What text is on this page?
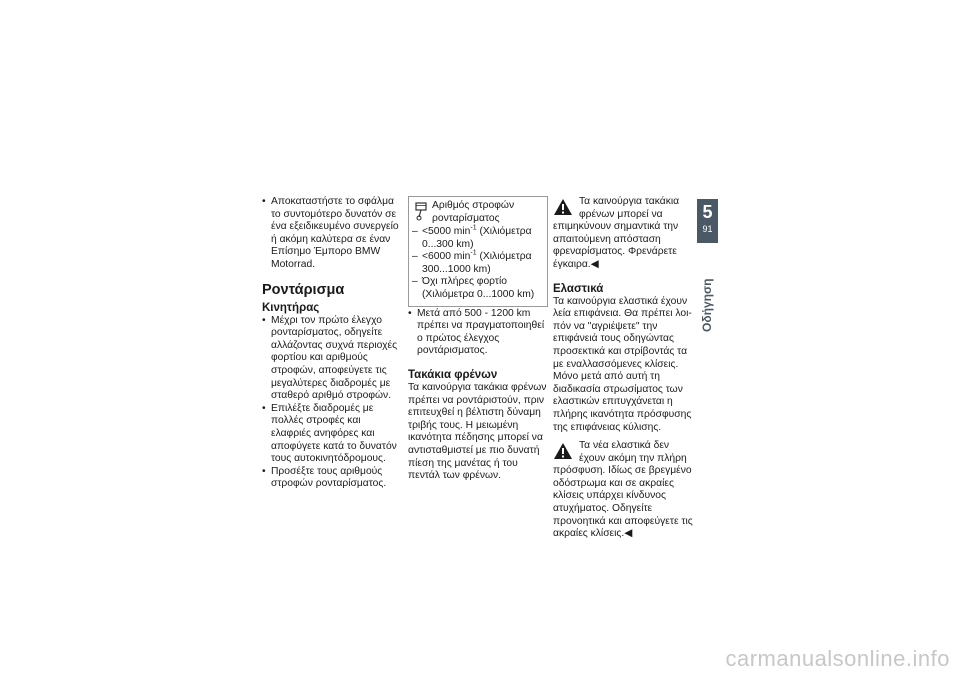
• Αποκαταστήστε το σφάλμα το συντομότερο δυνατόν σε ένα εξειδικευμένο συνεργείο ή ακόμη καλύτερα σε έναν Επίσημο Έμπορο BMW Motorrad.

Ροντάρισμα
Κινητήρας

• Μέχρι τον πρώτο έλεγχο ρονταρίσματος, οδηγείτε αλλάζοντας συχνά περιοχές φορτίου και αριθμούς στροφών, αποφεύγετε τις μεγαλύτερες διαδρομές με σταθερό αριθμό στροφών.

• Επιλέξτε διαδρομές με πολλές στροφές και ελαφριές ανηφόρες και αποφύγετε κατά το δυνατόν τους αυτοκινητόδρομους.

• Προσέξτε τους αριθμούς στροφών ρονταρίσματος.

Αριθμός στροφών ρονταρίσματος

– <5000 $\min^{-1} (X\iota\lambda\iota ό\mu\varepsilon\tau\rho\alpha$ 0...300 km)

– <6000 $\min^{-1} (X\iota\lambda\iota ό\mu\varepsilon\tau\rho\alpha$ 300...1000 km)

– Όχι πλήρες φορτίο (Χιλιόμετρα 0...1000 km)

• Μετά από 500 - 1200 km πρέπει να πραγματοποιηθεί ο πρώτος έλεγχος ροντάρισματος.

Τακάκια φρένων

Τα καινούργια τακάκια φρένων πρέπει να ροντάριστούν, πριν επιτευχθεί η βέλτιστη δύναμη τριβής τους. Η μειωμένη ικανότητα πέδησης μπορεί να αντισταθμιστεί με πιο δυνατή πίεση της μανέτας ή του πεντάλ των φρένων.

Τα καινούργια τακάκια φρένων μπορεί να επιμηκύνουν σημαντικά την απαιτούμενη απόσταση φρεναρίσματος. Φρενάρετε έγκαιρα.◀

Ελαστικά

Τα καινούργια ελαστικά έχουν λεία επιφάνεια. Θα πρέπει λοιπόν να "αγριέψετε" την επιφάνειά τους οδηγώντας προσεκτικά και στρίβοντάς τα με εναλλασσόμενες κλίσεις. Μόνο μετά από αυτή τη διαδικασία στρωσίματος των ελαστικών επιτυγχάνεται η πλήρης ικανότητα πρόσφυσης της επιφάνειας κύλισης.

Τα νέα ελαστικά δεν έχουν ακόμη την πλήρη πρόσφυση. Ιδίως σε βρεγμένο οδόστρωμα και σε ακραίες κλίσεις υπάρχει κίνδυνος ατυχήματος. Οδηγείτε προνοητικά και αποφεύγετε τις ακραίες κλίσεις.◀

5
91
Οδήγηση
carmanualsonline.info
